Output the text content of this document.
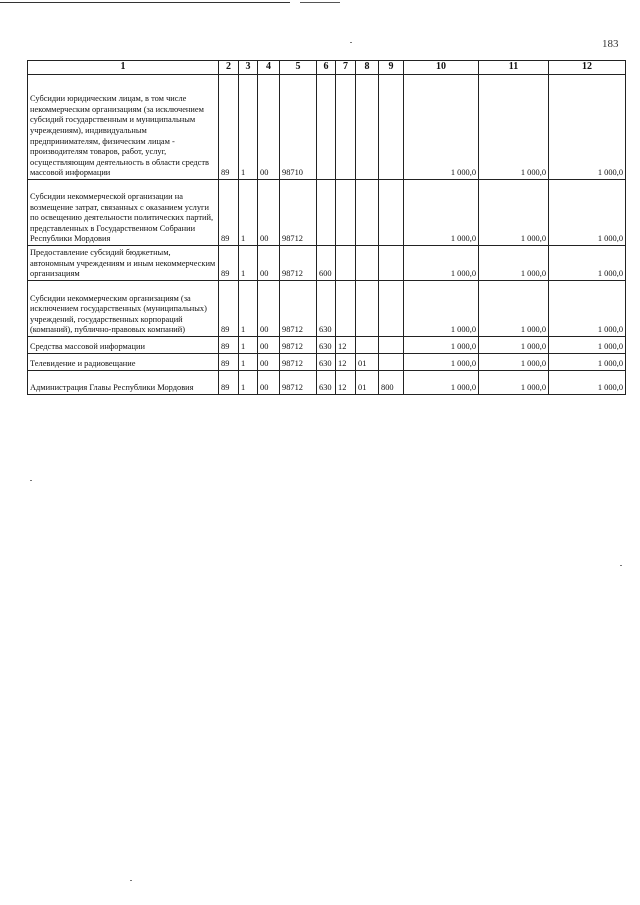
183
1	2	3	4	5	6	7	8	9	10	11	12
Субсидии юридическим лицам, в том числе некоммерческим организациям (за исключением субсидий государственным и муниципальным учреждениям), индивидуальным предпринимателям, физическим лицам - производителям товаров, работ, услуг, осуществляющим деятельность в области средств массовой информации	89	1	00	98710					1 000,0	1 000,0	1 000,0
Субсидии некоммерческой организации на возмещение затрат, связанных с оказанием услуги по освещению деятельности политических партий, представленных в Государственном Собрании Республики Мордовия	89	1	00	98712					1 000,0	1 000,0	1 000,0
Предоставление субсидий бюджетным, автономным учреждениям и иным некоммерческим организациям	89	1	00	98712	600				1 000,0	1 000,0	1 000,0
Субсидии некоммерческим организациям (за исключением государственных (муниципальных) учреждений, государственных корпораций (компаний), публично-правовых компаний)	89	1	00	98712	630				1 000,0	1 000,0	1 000,0
Средства массовой информации	89	1	00	98712	630	12			1 000,0	1 000,0	1 000,0
Телевидение и радиовещание	89	1	00	98712	630	12	01		1 000,0	1 000,0	1 000,0
Администрация Главы Республики Мордовия	89	1	00	98712	630	12	01	800	1 000,0	1 000,0	1 000,0
